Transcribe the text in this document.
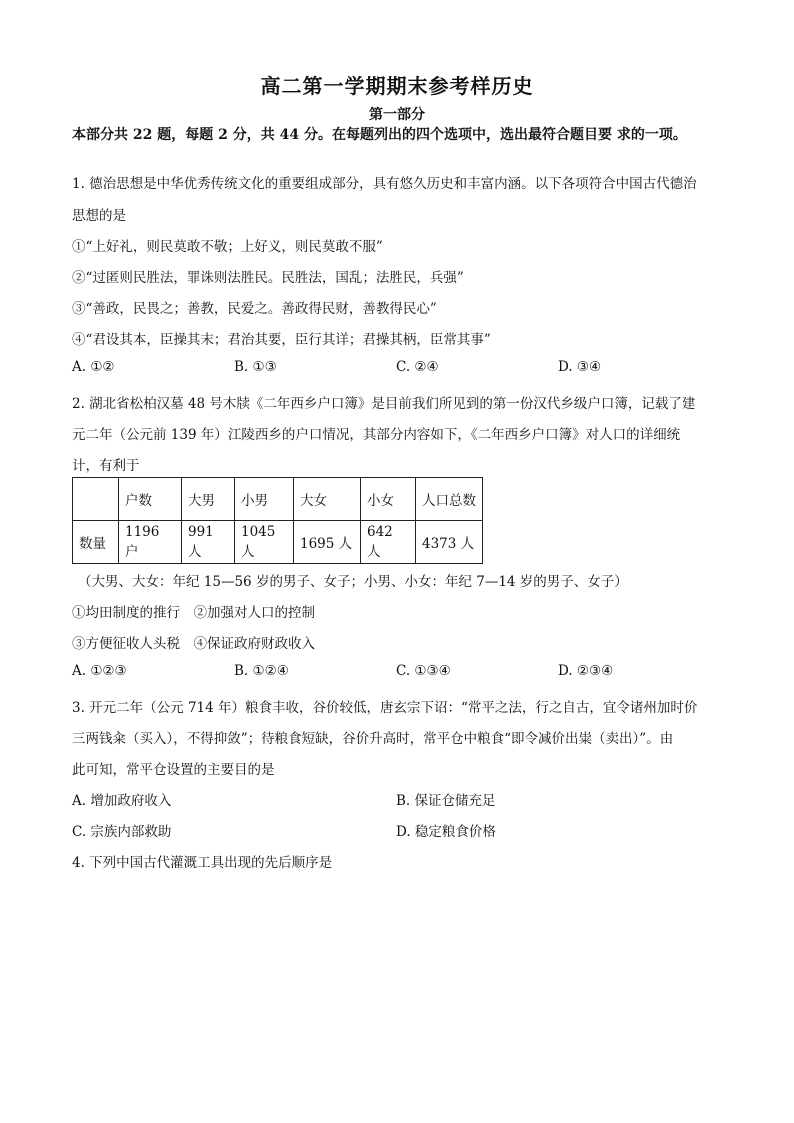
高二第一学期期末参考样历史
第一部分
本部分共 22 题，每题 2 分，共 44 分。在每题列出的四个选项中，选出最符合题目要 求的一项。
1. 德治思想是中华优秀传统文化的重要组成部分，具有悠久历史和丰富内涵。以下各项符合中国古代德治
思想的是
①“上好礼，则民莫敢不敬；上好义，则民莫敢不服”
②“过匿则民胜法，罪诛则法胜民。民胜法，国乱；法胜民，兵强”
③“善政，民畏之；善教，民爱之。善政得民财，善教得民心”
④“君设其本，臣操其末；君治其要，臣行其详；君操其柄，臣常其事”
A. ①②	B. ①③	C. ②④	D. ③④
2. 湖北省松柏汉墓 48 号木牍《二年西乡户口簿》是目前我们所见到的第一份汉代乡级户口簿，记载了建
元二年（公元前 139 年）江陵西乡的户口情况，其部分内容如下，《二年西乡户口簿》对人口的详细统
计，有利于
	户数	大男	小男	大女	小女	人口总数
数量	1196 户	991 人	1045 人	1695 人	642 人	4373 人
（大男、大女：年纪 15—56 岁的男子、女子；小男、小女：年纪 7—14 岁的男子、女子）
①均田制度的推行　②加强对人口的控制
③方便征收人头税　④保证政府财政收入
A. ①②③	B. ①②④	C. ①③④	D. ②③④
3. 开元二年（公元 714 年）粮食丰收，谷价较低，唐玄宗下诏：“常平之法，行之自古，宜令诸州加时价
三两钱籴（买入），不得抑敛”；待粮食短缺，谷价升高时，常平仓中粮食“即令减价出粜（卖出）”。由
此可知，常平仓设置的主要目的是
A. 增加政府收入	B. 保证仓储充足
C. 宗族内部救助	D. 稳定粮食价格
4. 下列中国古代灌溉工具出现的先后顺序是
